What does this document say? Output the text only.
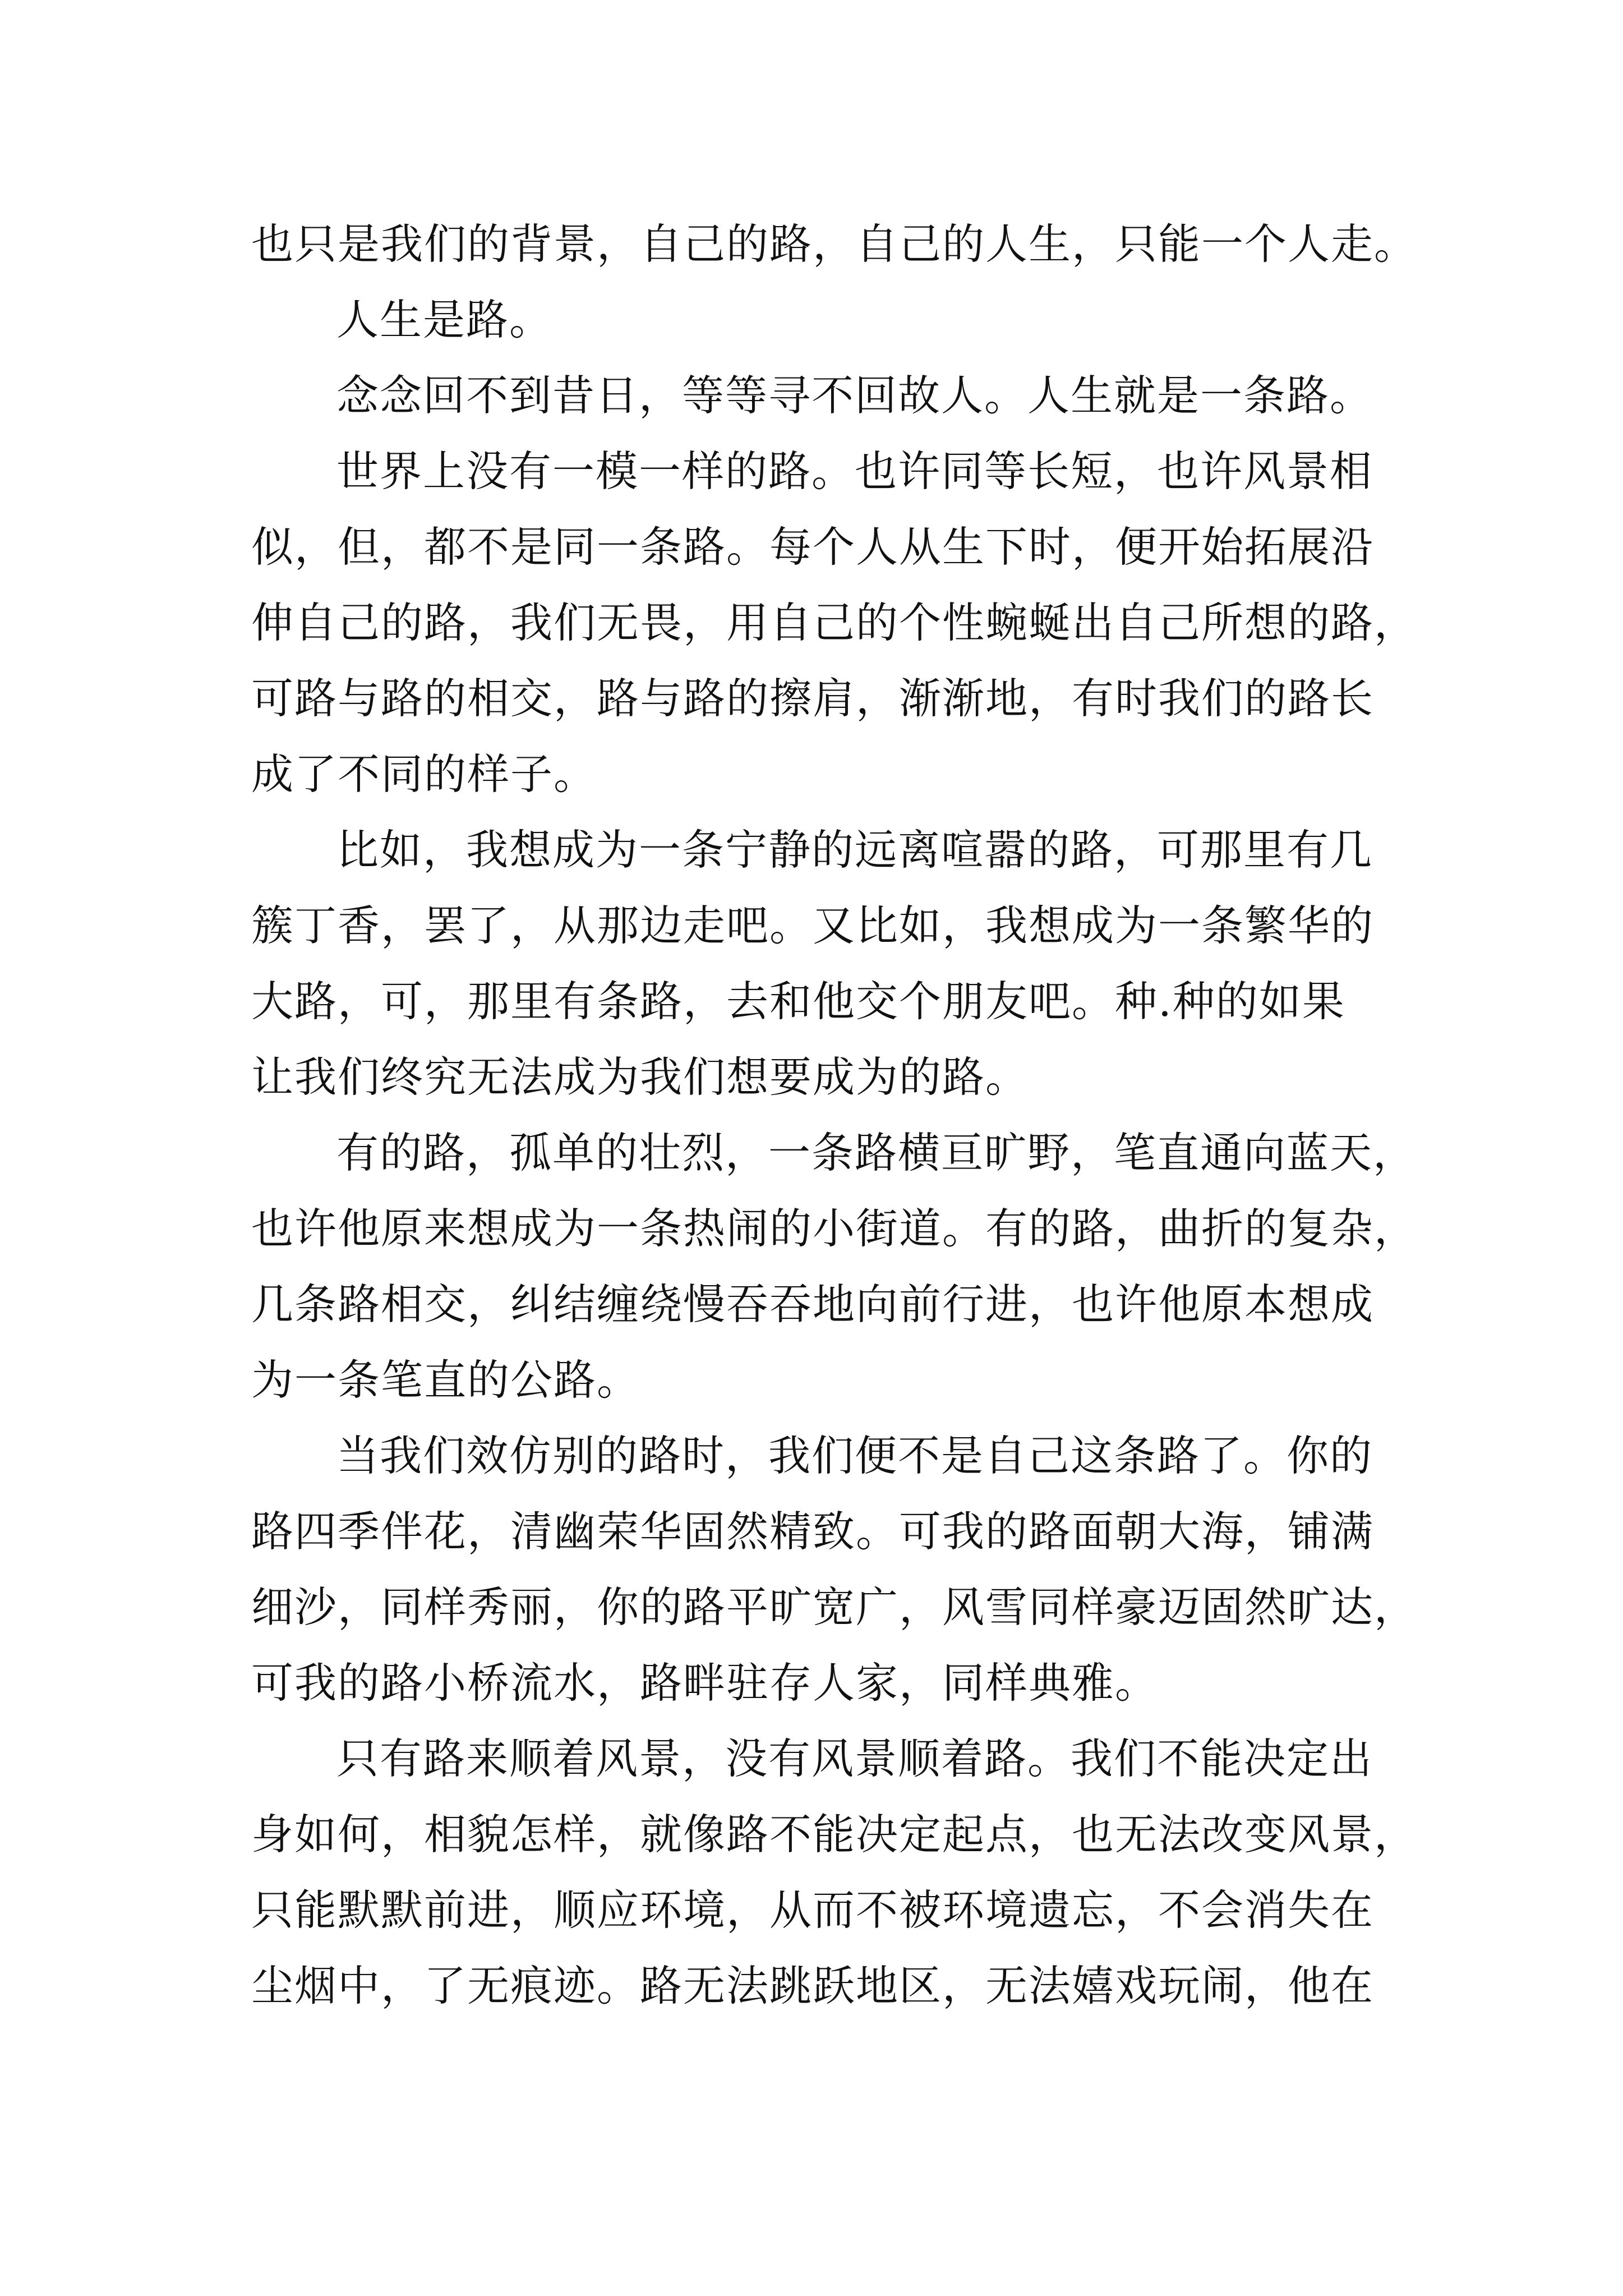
也只是我们的背景，自己的路，自己的人生，只能一个人走。
人生是路。
念念回不到昔日，等等寻不回故人。人生就是一条路。
世界上没有一模一样的路。也许同等长短，也许风景相
似，但，都不是同一条路。每个人从生下时，便开始拓展沿
伸自己的路，我们无畏，用自己的个性蜿蜒出自己所想的路，
可路与路的相交，路与路的擦肩，渐渐地，有时我们的路长
成了不同的样子。
比如，我想成为一条宁静的远离喧嚣的路，可那里有几
簇丁香，罢了，从那边走吧。又比如，我想成为一条繁华的
大路，可，那里有条路，去和他交个朋友吧。种.种的如果
让我们终究无法成为我们想要成为的路。
有的路，孤单的壮烈，一条路横亘旷野，笔直通向蓝天，
也许他原来想成为一条热闹的小街道。有的路，曲折的复杂，
几条路相交，纠结缠绕慢吞吞地向前行进，也许他原本想成
为一条笔直的公路。
当我们效仿别的路时，我们便不是自己这条路了。你的
路四季伴花，清幽荣华固然精致。可我的路面朝大海，铺满
细沙，同样秀丽，你的路平旷宽广，风雪同样豪迈固然旷达，
可我的路小桥流水，路畔驻存人家，同样典雅。
只有路来顺着风景，没有风景顺着路。我们不能决定出
身如何，相貌怎样，就像路不能决定起点，也无法改变风景，
只能默默前进，顺应环境，从而不被环境遗忘，不会消失在
尘烟中，了无痕迹。路无法跳跃地区，无法嬉戏玩闹，他在
